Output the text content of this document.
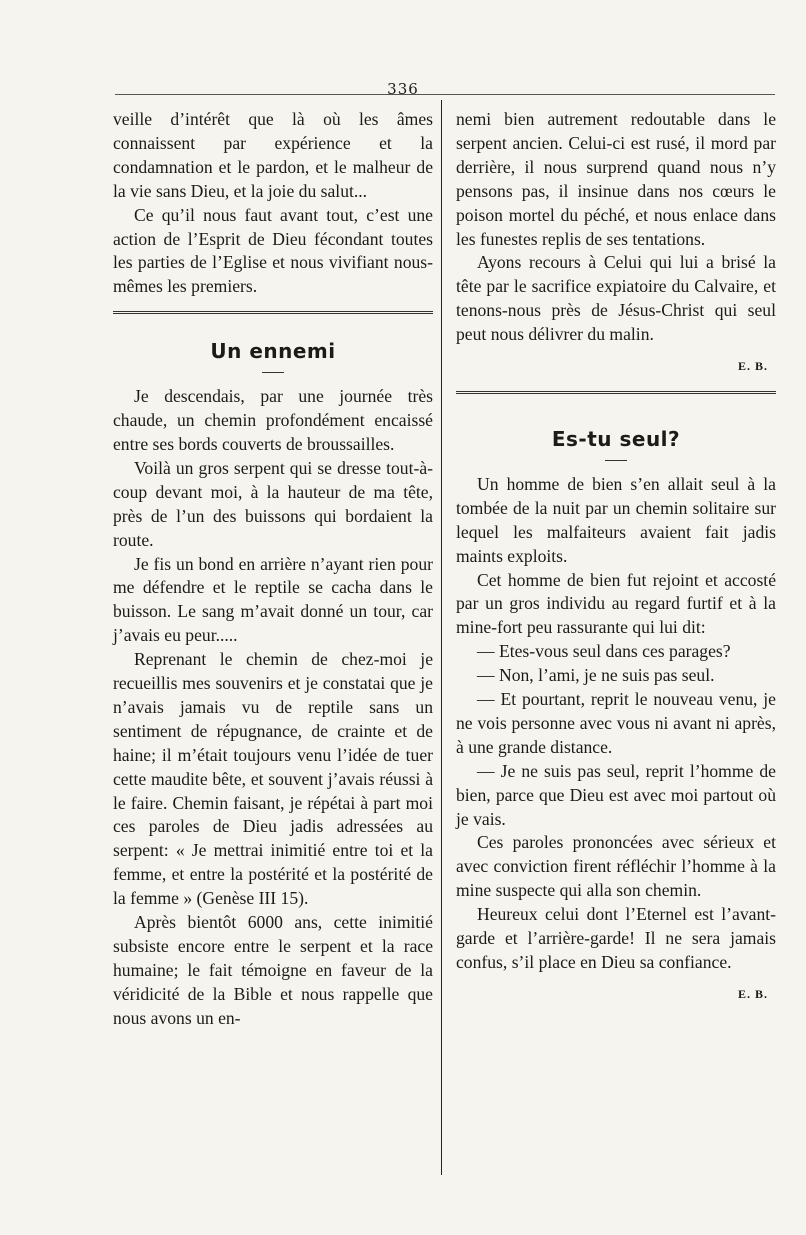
336

veille d’intérêt que là où les âmes connaissent par expérience et la condamnation et le pardon, et le malheur de la vie sans Dieu, et la joie du salut...

Ce qu’il nous faut avant tout, c’est une action de l’Esprit de Dieu fécondant toutes les parties de l’Eglise et nous vivifiant nous-mêmes les premiers.

Un ennemi

Je descendais, par une journée très chaude, un chemin profondément encaissé entre ses bords couverts de broussailles.

Voilà un gros serpent qui se dresse tout-à-coup devant moi, à la hauteur de ma tête, près de l’un des buissons qui bordaient la route.

Je fis un bond en arrière n’ayant rien pour me défendre et le reptile se cacha dans le buisson. Le sang m’avait donné un tour, car j’avais eu peur.....

Reprenant le chemin de chez-moi je recueillis mes souvenirs et je constatai que je n’avais jamais vu de reptile sans un sentiment de répugnance, de crainte et de haine; il m’était toujours venu l’idée de tuer cette maudite bête, et souvent j’avais réussi à le faire. Chemin faisant, je répétai à part moi ces paroles de Dieu jadis adressées au serpent: « Je mettrai inimitié entre toi et la femme, et entre la postérité et la postérité de la femme » (Genèse III 15).

Après bientôt 6000 ans, cette inimitié subsiste encore entre le serpent et la race humaine; le fait témoigne en faveur de la véridicité de la Bible et nous rappelle que nous avons un en-

nemi bien autrement redoutable dans le serpent ancien. Celui-ci est rusé, il mord par derrière, il nous surprend quand nous n’y pensons pas, il insinue dans nos cœurs le poison mortel du péché, et nous enlace dans les funestes replis de ses tentations.

Ayons recours à Celui qui lui a brisé la tête par le sacrifice expiatoire du Calvaire, et tenons-nous près de Jésus-Christ qui seul peut nous délivrer du malin.

E. B.
Es-tu seul?

Un homme de bien s’en allait seul à la tombée de la nuit par un chemin solitaire sur lequel les malfaiteurs avaient fait jadis maints exploits.

Cet homme de bien fut rejoint et accosté par un gros individu au regard furtif et à la mine-fort peu rassurante qui lui dit:

— Etes-vous seul dans ces parages?

— Non, l’ami, je ne suis pas seul.

— Et pourtant, reprit le nouveau venu, je ne vois personne avec vous ni avant ni après, à une grande distance.

— Je ne suis pas seul, reprit l’homme de bien, parce que Dieu est avec moi partout où je vais.

Ces paroles prononcées avec sérieux et avec conviction firent réfléchir l’homme à la mine suspecte qui alla son chemin.

Heureux celui dont l’Eternel est l’avant-garde et l’arrière-garde! Il ne sera jamais confus, s’il place en Dieu sa confiance.

E. B.
